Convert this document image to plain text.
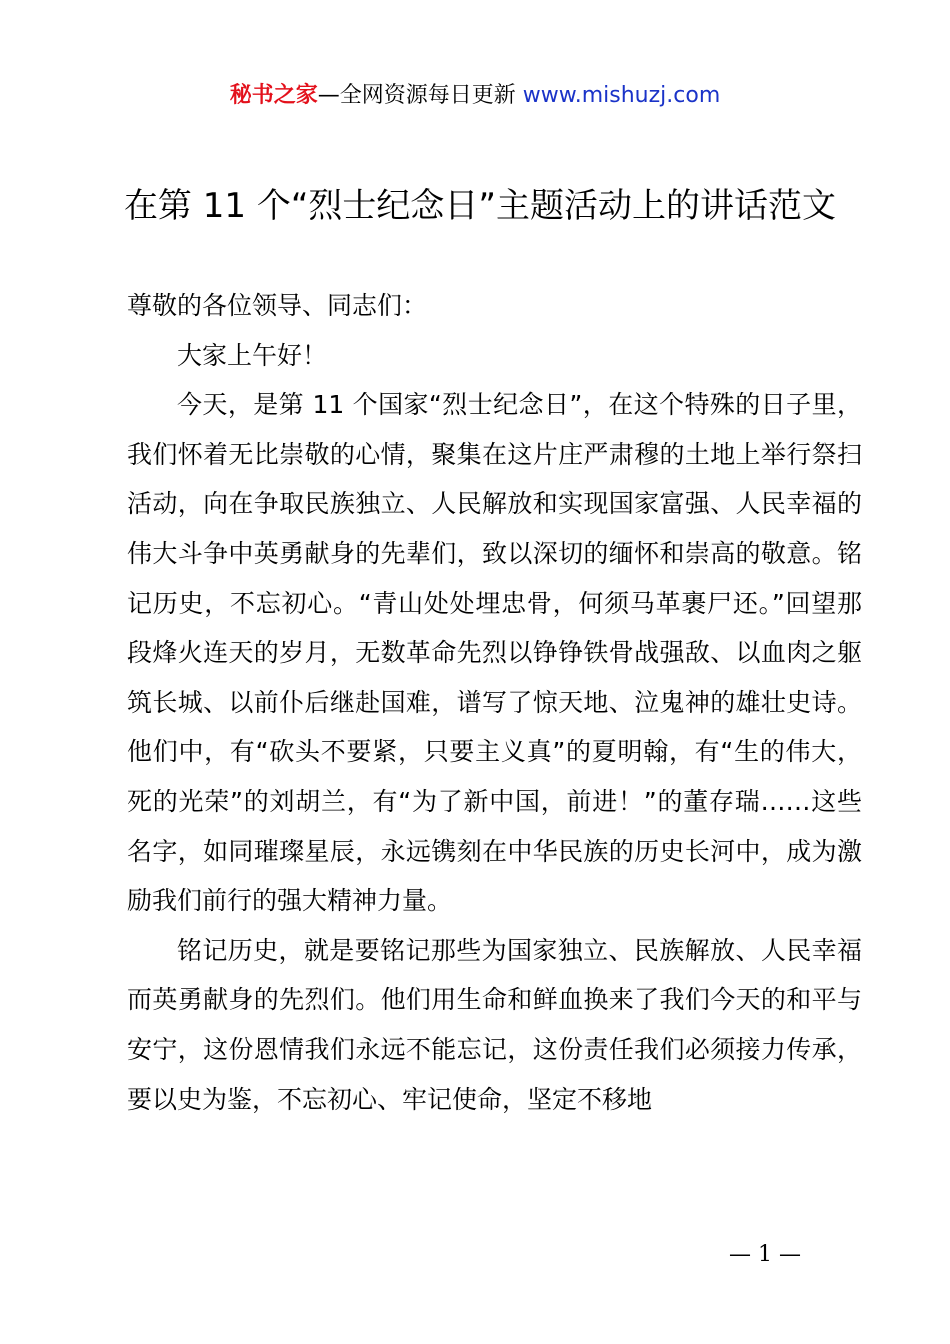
秘书之家—全网资源每日更新 www.mishuzj.com
在第 11 个“烈士纪念日”主题活动上的讲话范文

尊敬的各位领导、同志们：

大家上午好！

今天，是第 11 个国家“烈士纪念日”，在这个特殊的日子里，我们怀着无比崇敬的心情，聚集在这片庄严肃穆的土地上举行祭扫活动，向在争取民族独立、人民解放和实现国家富强、人民幸福的伟大斗争中英勇献身的先辈们，致以深切的缅怀和崇高的敬意。铭记历史，不忘初心。“青山处处埋忠骨，何须马革裹尸还。”回望那段烽火连天的岁月，无数革命先烈以铮铮铁骨战强敌、以血肉之躯筑长城、以前仆后继赴国难，谱写了惊天地、泣鬼神的雄壮史诗。他们中，有“砍头不要紧，只要主义真”的夏明翰，有“生的伟大，死的光荣”的刘胡兰，有“为了新中国，前进！”的董存瑞……这些名字，如同璀璨星辰，永远镌刻在中华民族的历史长河中，成为激励我们前行的强大精神力量。

铭记历史，就是要铭记那些为国家独立、民族解放、人民幸福而英勇献身的先烈们。他们用生命和鲜血换来了我们今天的和平与安宁，这份恩情我们永远不能忘记，这份责任我们必须接力传承，要以史为鉴，不忘初心、牢记使命，坚定不移地

— 1 —
